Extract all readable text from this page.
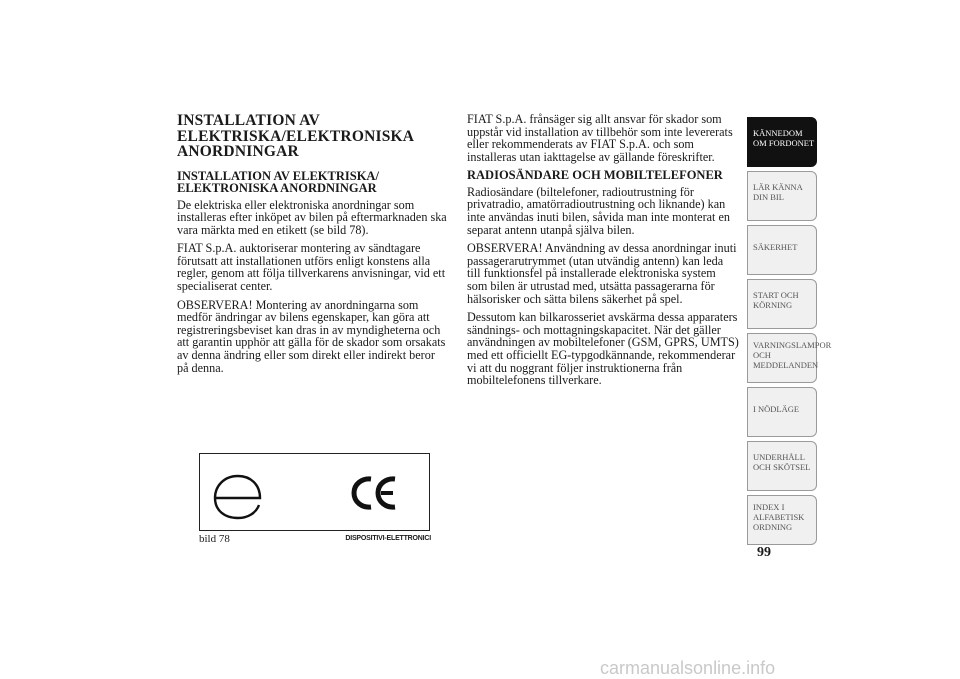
INSTALLATION AV ELEKTRISKA/ELEKTRONISKA ANORDNINGAR
INSTALLATION AV ELEKTRISKA/ ELEKTRONISKA ANORDNINGAR

De elektriska eller elektroniska anordningar som installeras efter inköpet av bilen på eftermarknaden ska vara märkta med en etikett (se bild 78).

FIAT S.p.A. auktoriserar montering av sändtagare förutsatt att installationen utförs enligt konstens alla regler, genom att följa tillverkarens anvisningar, vid ett specialiserat center.

OBSERVERA! Montering av anordningarna som medför ändringar av bilens egenskaper, kan göra att registreringsbeviset kan dras in av myndigheterna och att garantin upphör att gälla för de skador som orsakats av denna ändring eller som direkt eller indirekt beror på denna.

FIAT S.p.A. frånsäger sig allt ansvar för skador som uppstår vid installation av tillbehör som inte levererats eller rekommenderats av FIAT S.p.A. och som installeras utan iakttagelse av gällande föreskrifter.

RADIOSÄNDARE OCH MOBILTELEFONER

Radiosändare (biltelefoner, radioutrustning för privatradio, amatörradioutrustning och liknande) kan inte användas inuti bilen, såvida man inte monterat en separat antenn utanpå själva bilen.

OBSERVERA! Användning av dessa anordningar inuti passagerarutrymmet (utan utvändig antenn) kan leda till funktionsfel på installerade elektroniska system som bilen är utrustad med, utsätta passagerarna för hälsorisker och sätta bilens säkerhet på spel.

Dessutom kan bilkarosseriet avskärma dessa apparaters sändnings- och mottagningskapacitet. När det gäller användningen av mobiltelefoner (GSM, GPRS, UMTS) med ett officiellt EG-typgodkännande, rekommenderar vi att du noggrant följer instruktionerna från mobiltelefonens tillverkare.

bild 78	DISPOSITIVI-ELETTRONICI
KÄNNEDOM OM FORDONET
LÄR KÄNNA DIN BIL
SÄKERHET
START OCH KÖRNING
VARNINGSLAMPOR OCH MEDDELANDEN
I NÖDLÄGE
UNDERHÅLL OCH SKÖTSEL
INDEX I ALFABETISK ORDNING
99
carmanualsonline.info
